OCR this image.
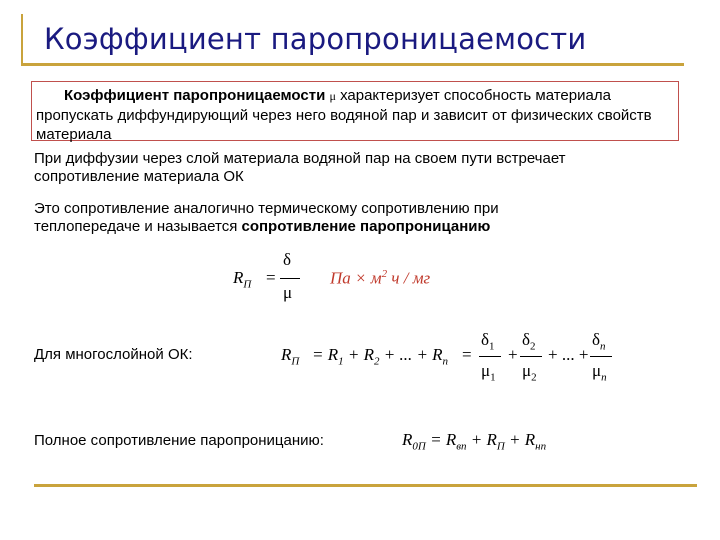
Коэффициент паропроницаемости
Коэффициент паропроницаемости μ характеризует способность материала пропускать диффундирующий через него водяной пар и зависит от физических свойств материала

При диффузии через слой материала водяной пар на своем пути встречает сопротивление материала ОК

Это сопротивление аналогично термическому сопротивлению при теплопередаче и называется сопротивление паропроницанию

$R_П$ =
δ
μ
Па × $м^2$ ч / мг
Для многослойной ОК:	$R_П = R_1 + R_2$ + ... + $R_n$ =
$\delta_1$
$\mu_1$
+
$\delta_2$
$\mu_2$
+ ... +
$\delta_n$
$\mu_n$
Полное сопротивление паропроницанию:	$R_{0П} = R_{вп} + R_П + R_{нп}$
